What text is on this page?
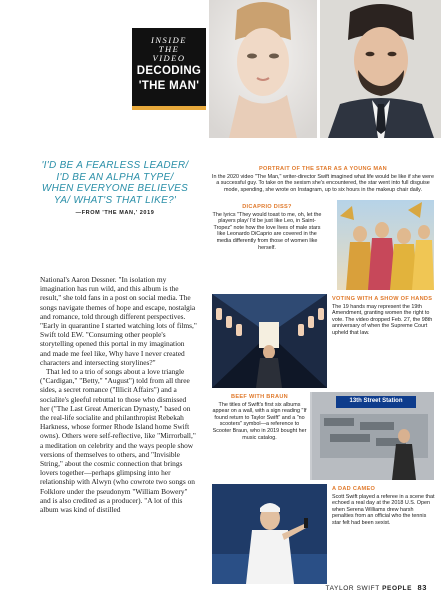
INSIDE
THE
VIDEO
DECODING
'THE MAN'
'I'D BE A FEARLESS LEADER/ I'D BE AN ALPHA TYPE/ WHEN EVERYONE BELIEVES YA/ WHAT'S THAT LIKE?'
—FROM 'THE MAN,' 2019

National's Aaron Dessner. "In isolation my imagination has run wild, and this album is the result," she told fans in a post on social media. The songs navigate themes of hope and escape, nostalgia and romance, told through different perspectives. "Early in quarantine I started watching lots of films," Swift told EW. "Consuming other people's storytelling opened this portal in my imagination and made me feel like, Why have I never created characters and intersecting storylines?"

That led to a trio of songs about a love triangle ("Cardigan," "Betty," "August") told from all three sides, a secret romance ("Illicit Affairs") and a socialite's gleeful rebuttal to those who dismissed her ("The Last Great American Dynasty," based on the real-life socialite and philanthropist Rebekah Harkness, whose former Rhode Island home Swift owns). Others were self-reflective, like "Mirrorball," a meditation on celebrity and the ways people show versions of themselves to others, and "Invisible String," about the cosmic connection that brings lovers together—perhaps glimpsing into her relationship with Alwyn (who cowrote two songs on Folklore under the pseudonym "William Bowery" and is also credited as a producer). "A lot of this album was kind of distilled

PORTRAIT OF THE STAR AS A YOUNG MAN
In the 2020 video "The Man," writer-director Swift imagined what life would be like if she were a successful guy. To take on the sexism she's encountered, the star went into full disguise mode, spending, she wrote on Instagram, up to six hours in the makeup chair daily.
DICAPRIO DISS?
The lyrics "They would toast to me, oh, let the players play/ I'd be just like Leo, in Saint-Tropez" note how the love lives of male stars like Leonardo DiCaprio are covered in the media differently from those of women like herself.
VOTING WITH A SHOW OF HANDS
The 19 hands may represent the 19th Amendment, granting women the right to vote. The video dropped Feb. 27, the 98th anniversary of when the Supreme Court upheld that law.
13th Street Station
BEEF WITH BRAUN
The titles of Swift's first six albums appear on a wall, with a sign reading "If found return to Taylor Swift" and a "no scooters" symbol—a reference to Scooter Braun, who in 2019 bought her music catalog.
A DAD CAMEO
Scott Swift played a referee in a scene that echoed a real day at the 2018 U.S. Open when Serena Williams drew harsh penalties from an official who the tennis star felt had been sexist.
TAYLOR SWIFT PEOPLE 83
